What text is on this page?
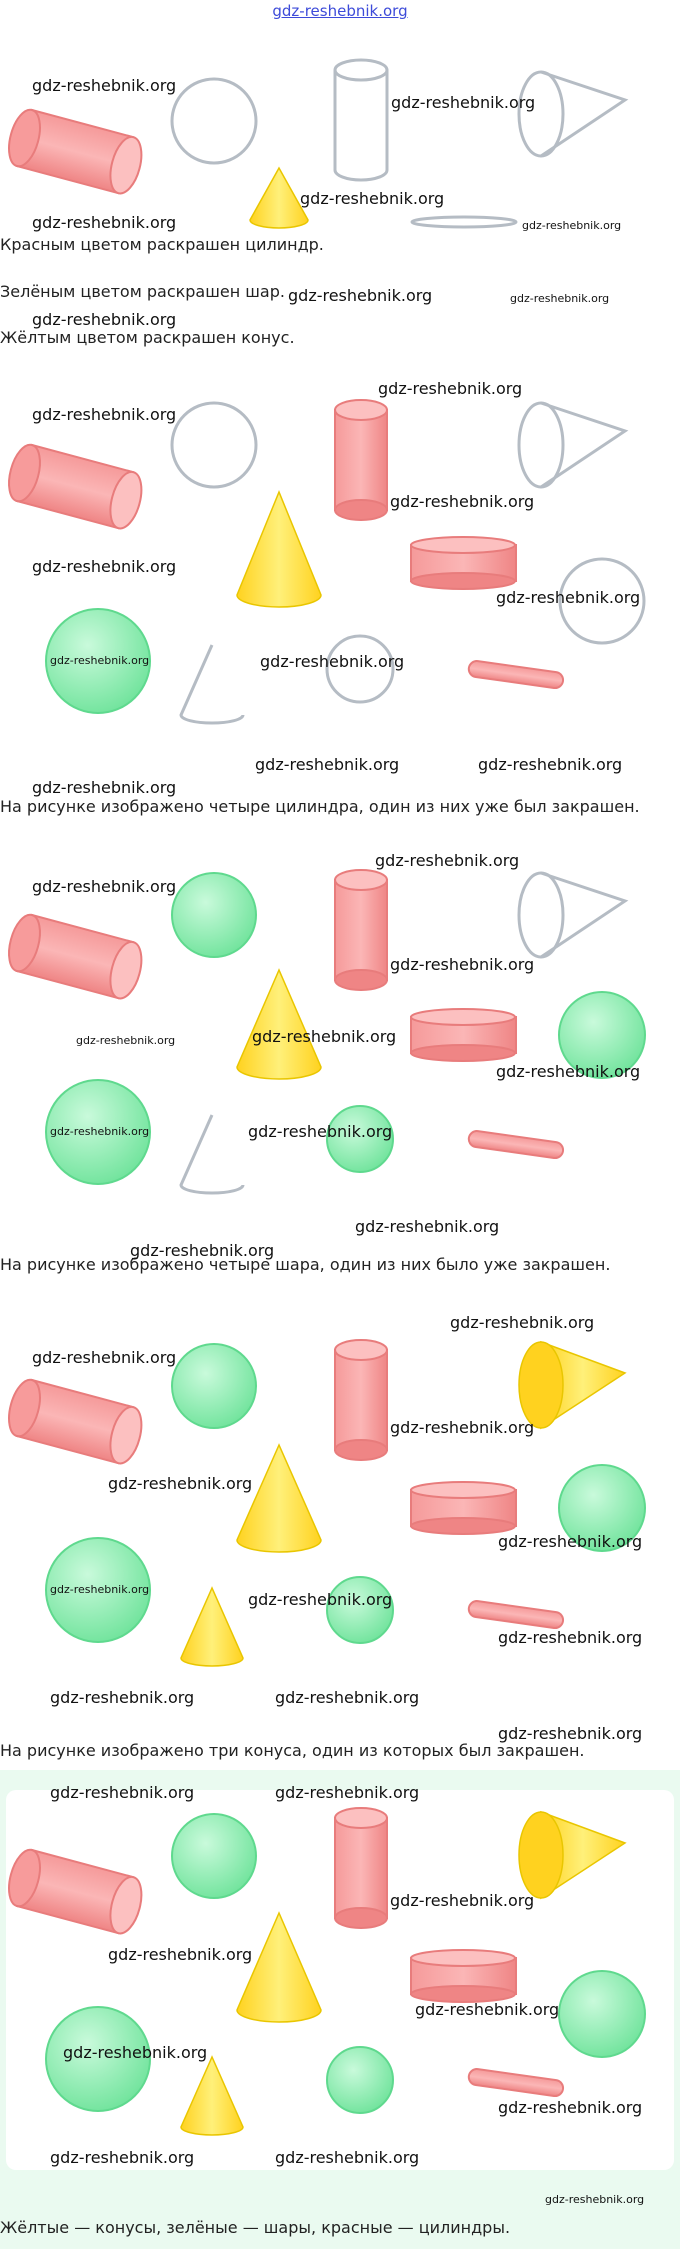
gdz-reshebnik.org
gdz-reshebnik.org
gdz-reshebnik.org
gdz-reshebnik.org
gdz-reshebnik.org	gdz-reshebnik.org
Красным цветом раскрашен цилиндр.
Зелёным цветом раскрашен шар. gdz-reshebnik.org	gdz-reshebnik.org
gdz-reshebnik.org
Жёлтым цветом раскрашен конус.
gdz-reshebnik.org
gdz-reshebnik.org
gdz-reshebnik.org
gdz-reshebnik.org
gdz-reshebnik.org
gdz-reshebnik.org	gdz-reshebnik.org
gdz-reshebnik.org	gdz-reshebnik.org
gdz-reshebnik.org
На рисунке изображено четыре цилиндра, один из них уже был закрашен.
gdz-reshebnik.org
gdz-reshebnik.org
gdz-reshebnik.org
gdz-reshebnik.org	gdz-reshebnik.org
gdz-reshebnik.org
gdz-reshebnik.org	gdz-reshebnik.org
gdz-reshebnik.org
На рисунке изображено четыре шара, один из них было уже закрашен.
gdz-reshebnik.org
gdz-reshebnik.org
gdz-reshebnik.org
gdz-reshebnik.org
gdz-reshebnik.org
gdz-reshebnik.org
gdz-reshebnik.org
gdz-reshebnik.org
gdz-reshebnik.org
gdz-reshebnik.org	gdz-reshebnik.org
gdz-reshebnik.org
На рисунке изображено три конуса, один из которых был закрашен.
gdz-reshebnik.org	gdz-reshebnik.org
gdz-reshebnik.org
gdz-reshebnik.org
gdz-reshebnik.org
gdz-reshebnik.org
gdz-reshebnik.org
gdz-reshebnik.org	gdz-reshebnik.org
gdz-reshebnik.org
Жёлтые — конусы, зелёные — шары, красные — цилиндры.
